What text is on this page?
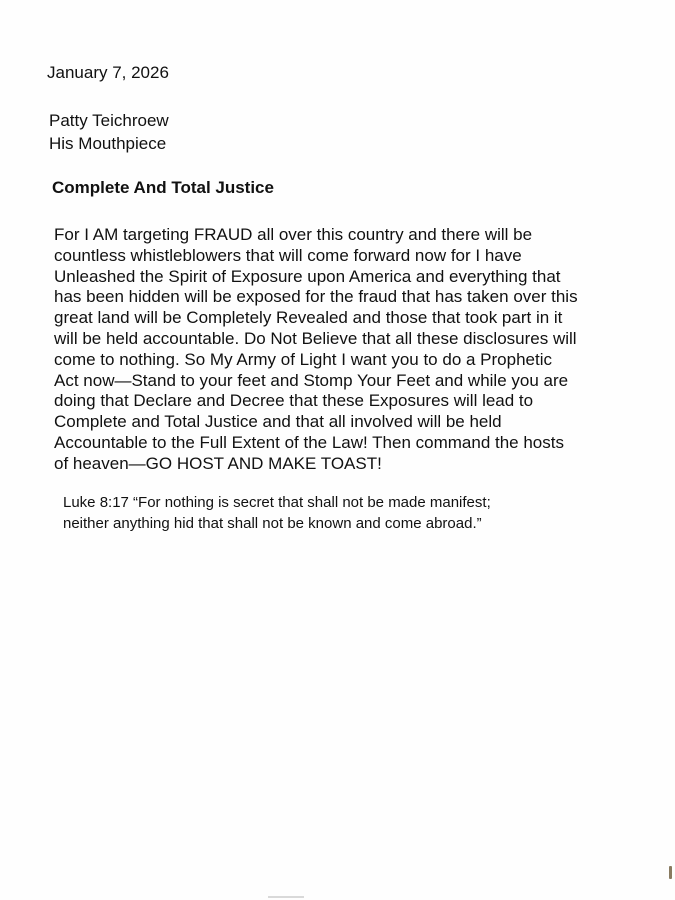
January 7, 2026
Patty Teichroew
His Mouthpiece
Complete And Total Justice
For I AM targeting FRAUD all over this country and there will be
countless whistleblowers that will come forward now for I have
Unleashed the Spirit of Exposure upon America and everything that
has been hidden will be exposed for the fraud that has taken over this
great land will be Completely Revealed and those that took part in it
will be held accountable. Do Not Believe that all these disclosures will
come to nothing. So My Army of Light I want you to do a Prophetic
Act now—Stand to your feet and Stomp Your Feet and while you are
doing that Declare and Decree that these Exposures will lead to
Complete and Total Justice and that all involved will be held
Accountable to the Full Extent of the Law! Then command the hosts
of heaven—GO HOST AND MAKE TOAST!
Luke 8:17 “For nothing is secret that shall not be made manifest;
neither anything hid that shall not be known and come abroad.”
